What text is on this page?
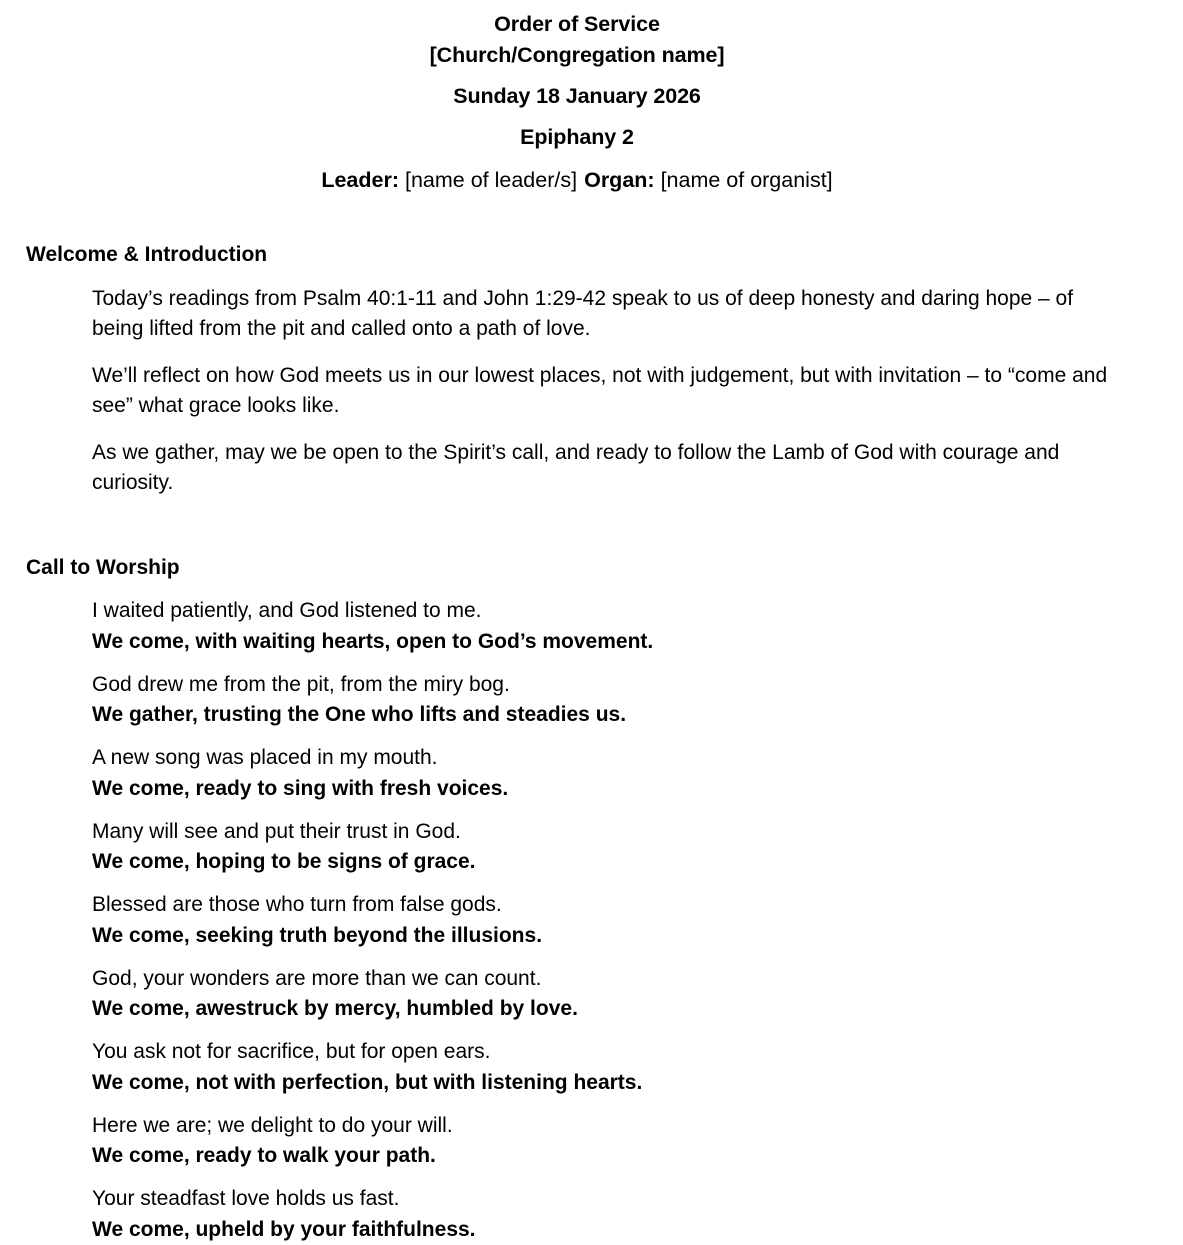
Order of Service
[Church/Congregation name]
Sunday 18 January 2026
Epiphany 2
Leader: [name of leader/s] Organ: [name of organist]
Welcome & Introduction
Today’s readings from Psalm 40:1-11 and John 1:29-42 speak to us of deep honesty and daring hope – of being lifted from the pit and called onto a path of love.
We’ll reflect on how God meets us in our lowest places, not with judgement, but with invitation – to “come and see” what grace looks like.
As we gather, may we be open to the Spirit’s call, and ready to follow the Lamb of God with courage and curiosity.
Call to Worship
I waited patiently, and God listened to me.
We come, with waiting hearts, open to God’s movement.
God drew me from the pit, from the miry bog.
We gather, trusting the One who lifts and steadies us.
A new song was placed in my mouth.
We come, ready to sing with fresh voices.
Many will see and put their trust in God.
We come, hoping to be signs of grace.
Blessed are those who turn from false gods.
We come, seeking truth beyond the illusions.
God, your wonders are more than we can count.
We come, awestruck by mercy, humbled by love.
You ask not for sacrifice, but for open ears.
We come, not with perfection, but with listening hearts.
Here we are; we delight to do your will.
We come, ready to walk your path.
Your steadfast love holds us fast.
We come, upheld by your faithfulness.
